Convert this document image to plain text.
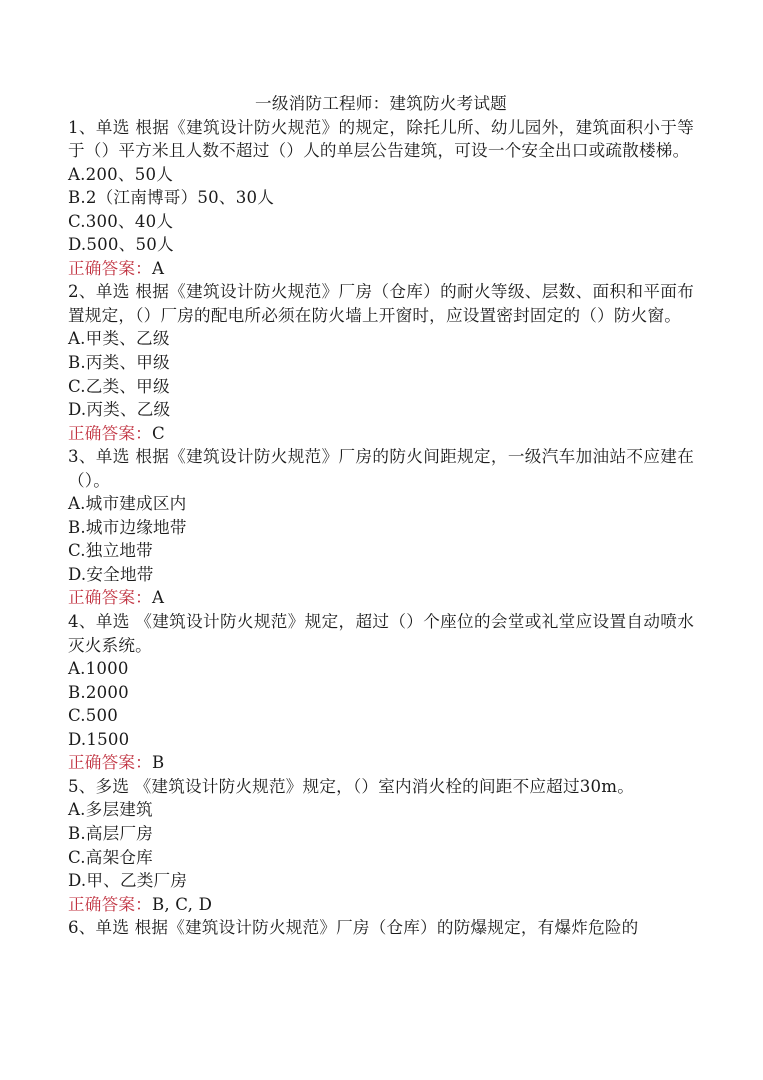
一级消防工程师：建筑防火考试题
1、单选 根据《建筑设计防火规范》的规定，除托儿所、幼儿园外，建筑面积小于等于（）平方米且人数不超过（）人的单层公告建筑，可设一个安全出口或疏散楼梯。
A.200、50人
B.2（江南博哥）50、30人
C.300、40人
D.500、50人
正确答案：A
2、单选 根据《建筑设计防火规范》厂房（仓库）的耐火等级、层数、面积和平面布置规定，（）厂房的配电所必须在防火墙上开窗时，应设置密封固定的（）防火窗。
A.甲类、乙级
B.丙类、甲级
C.乙类、甲级
D.丙类、乙级
正确答案：C
3、单选 根据《建筑设计防火规范》厂房的防火间距规定，一级汽车加油站不应建在（）。
A.城市建成区内
B.城市边缘地带
C.独立地带
D.安全地带
正确答案：A
4、单选 《建筑设计防火规范》规定，超过（）个座位的会堂或礼堂应设置自动喷水灭火系统。
A.1000
B.2000
C.500
D.1500
正确答案：B
5、多选 《建筑设计防火规范》规定，（）室内消火栓的间距不应超过30m。
A.多层建筑
B.高层厂房
C.高架仓库
D.甲、乙类厂房
正确答案：B, C, D
6、单选 根据《建筑设计防火规范》厂房（仓库）的防爆规定，有爆炸危险的
